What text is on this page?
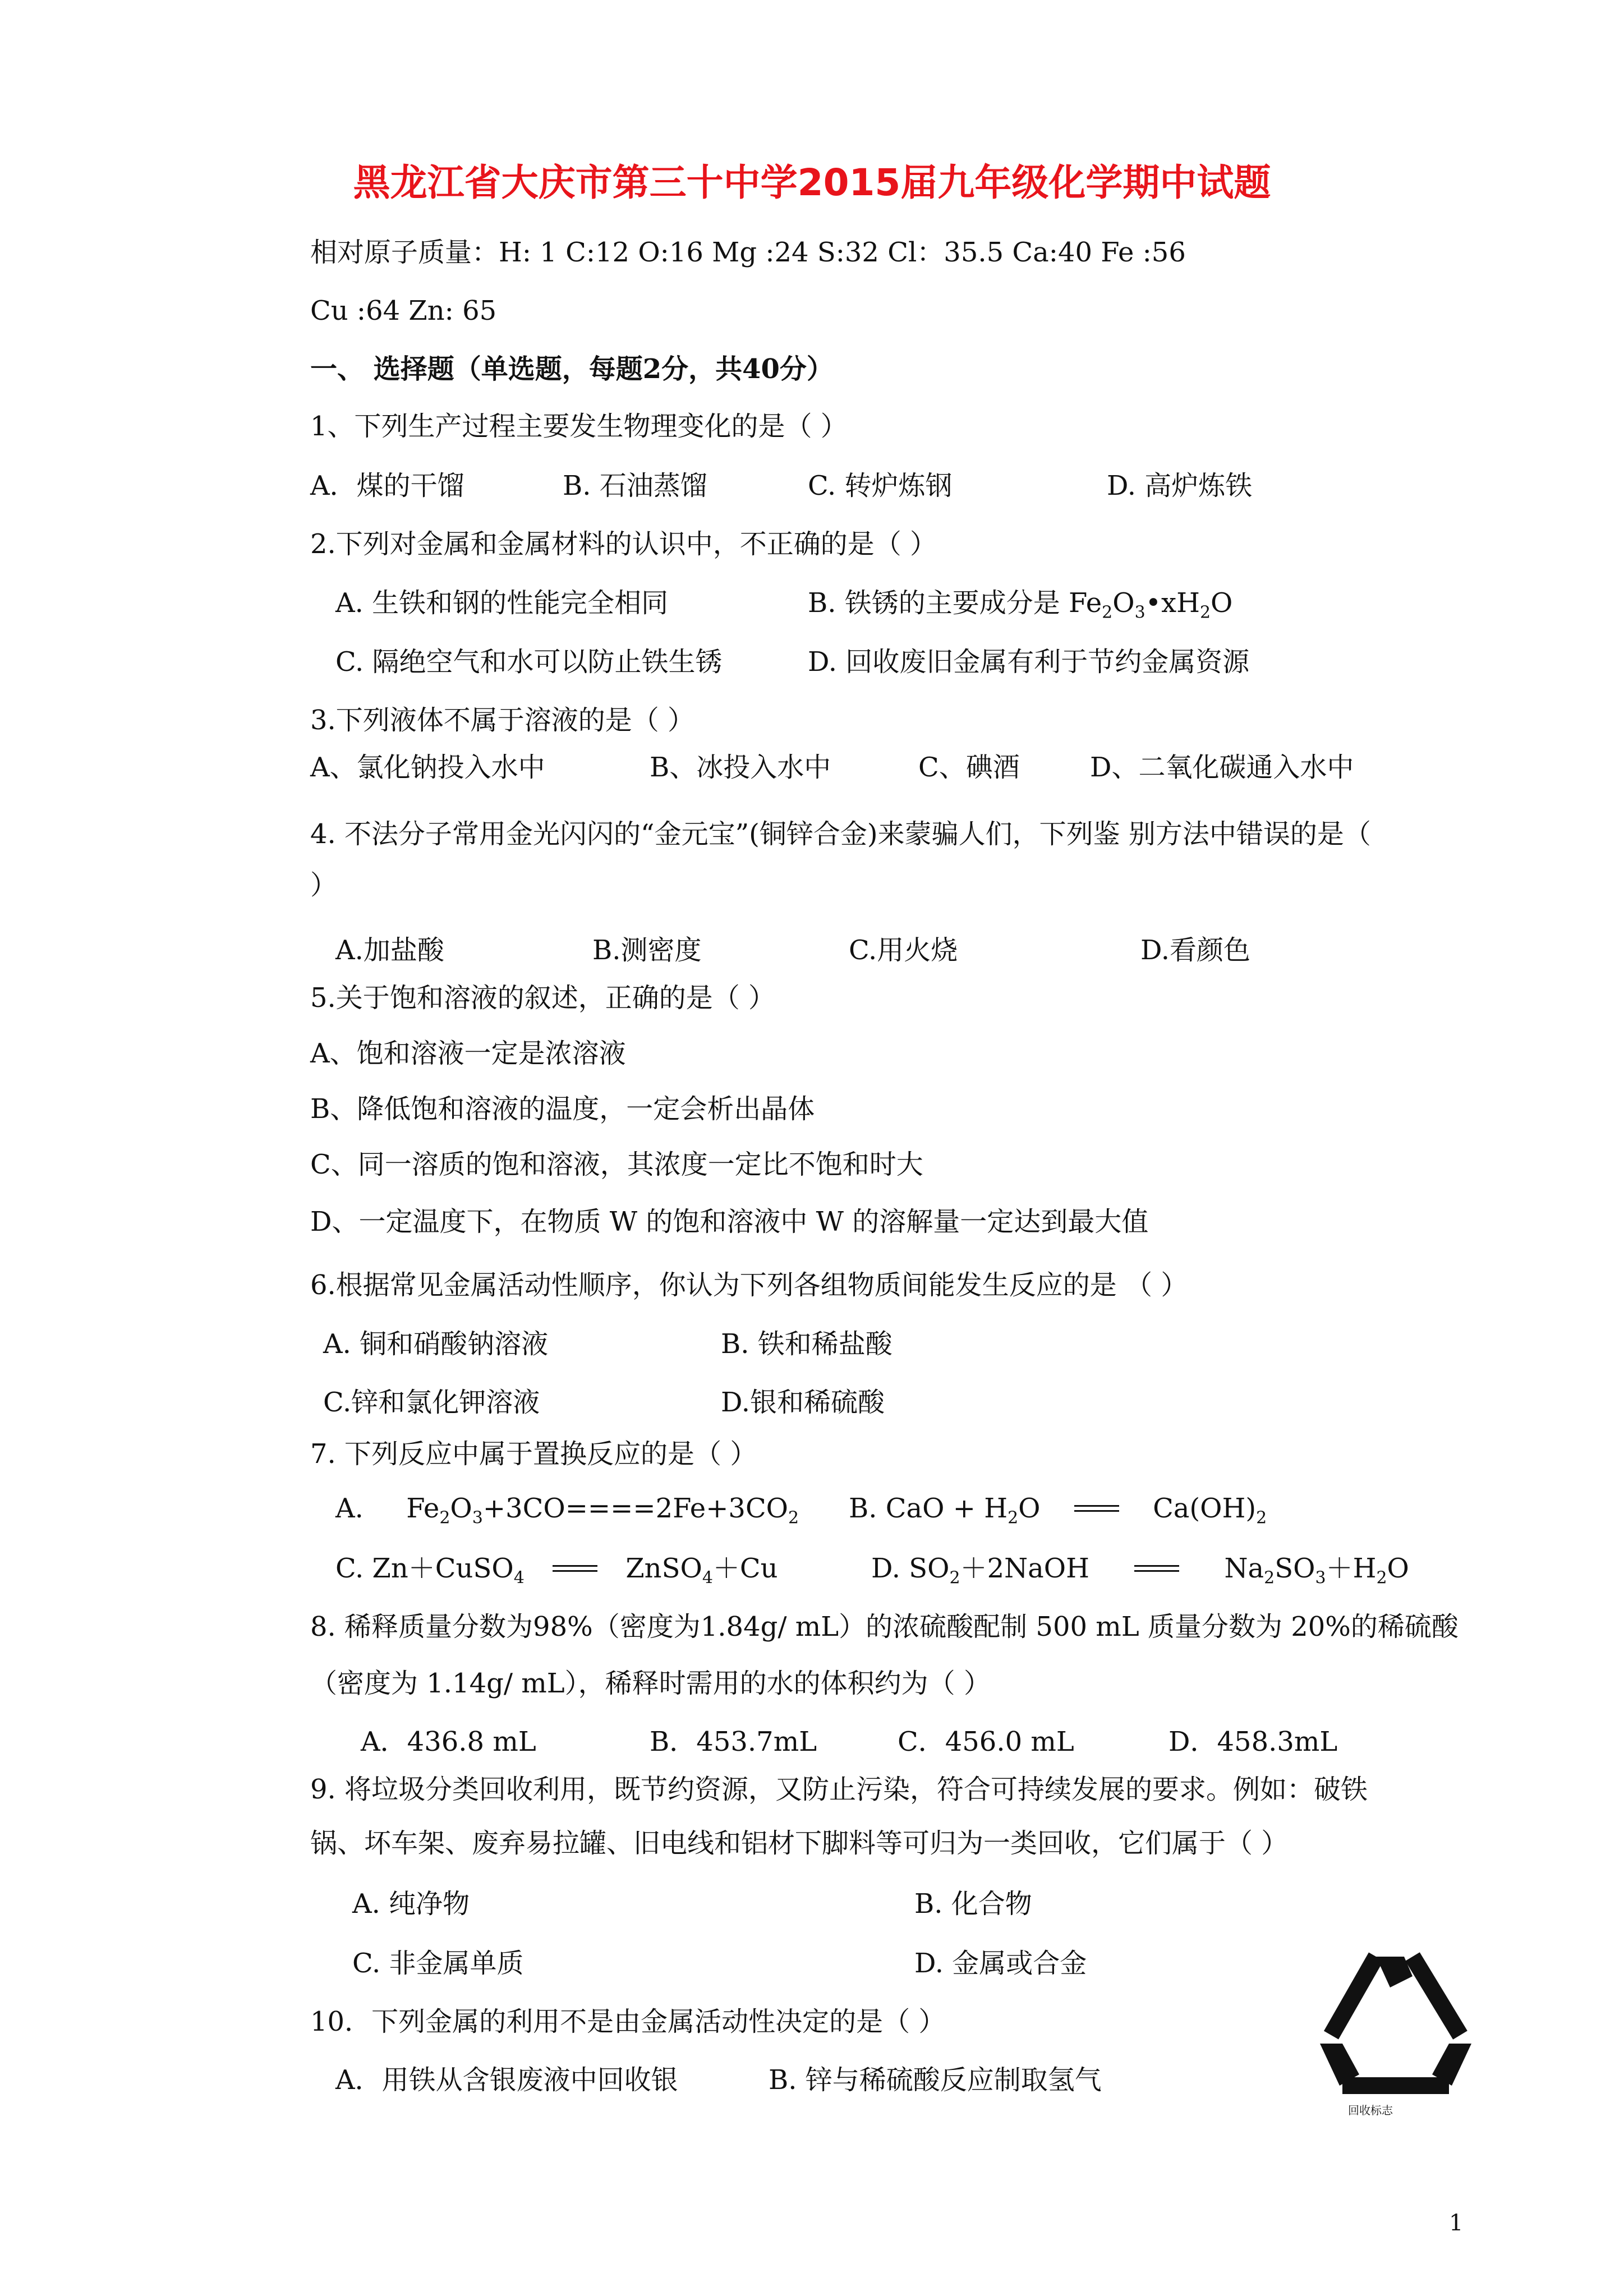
黑龙江省大庆市第三十中学2015届九年级化学期中试题
相对原子质量：H: 1 C:12 O:16 Mg :24 S:32 Cl：35.5 Ca:40 Fe :56
Cu :64 Zn: 65
一、 选择题（单选题，每题2分，共40分）
1、下列生产过程主要发生物理变化的是（ ）
A．煤的干馏	B. 石油蒸馏	C. 转炉炼钢	D. 高炉炼铁
2.下列对金属和金属材料的认识中，不正确的是（ ）
A. 生铁和钢的性能完全相同	B. 铁锈的主要成分是 $Fe_2O_3•xH_2O$
C. 隔绝空气和水可以防止铁生锈	D. 回收废旧金属有利于节约金属资源
3.下列液体不属于溶液的是（ ）
A、氯化钠投入水中	B、冰投入水中	C、碘酒	D、二氧化碳通入水中
4. 不法分子常用金光闪闪的“金元宝”(铜锌合金)来蒙骗人们，下列鉴 别方法中错误的是（
）
A.加盐酸	B.测密度	C.用火烧	D.看颜色
5.关于饱和溶液的叙述，正确的是（ ）
A、饱和溶液一定是浓溶液
B、降低饱和溶液的温度，一定会析出晶体
C、同一溶质的饱和溶液，其浓度一定比不饱和时大
D、一定温度下，在物质 W 的饱和溶液中 W 的溶解量一定达到最大值
6.根据常见金属活动性顺序，你认为下列各组物质间能发生反应的是 （ ）
A. 铜和硝酸钠溶液	B. 铁和稀盐酸
C.锌和氯化钾溶液	D.银和稀硫酸
7. 下列反应中属于置换反应的是（ ）
A. $Fe_2O_3+3CO====2Fe+3CO_2$ B. CaO + $H_2O$	$Ca(OH)_2$
C. Zn＋CuSO$_4$	ZnSO$_4$＋Cu	D. $SO_2+2NaOH$	$Na_2SO_3+H_2O$
8. 稀释质量分数为98%（密度为1.84g/ mL）的浓硫酸配制 500 mL 质量分数为 20%的稀硫酸
（密度为 1.14g/ mL），稀释时需用的水的体积约为（ ）
A．436.8 mL	B．453.7mL	C．456.0 mL	D．458.3mL
9. 将垃圾分类回收利用，既节约资源，又防止污染，符合可持续发展的要求。例如：破铁
锅、坏车架、废弃易拉罐、旧电线和铝材下脚料等可归为一类回收，它们属于（ ）
A. 纯净物	B. 化合物
C. 非金属单质	D. 金属或合金
10．下列金属的利用不是由金属活动性决定的是（ ）
A．用铁从含银废液中回收银	B. 锌与稀硫酸反应制取氢气
回收标志
1
